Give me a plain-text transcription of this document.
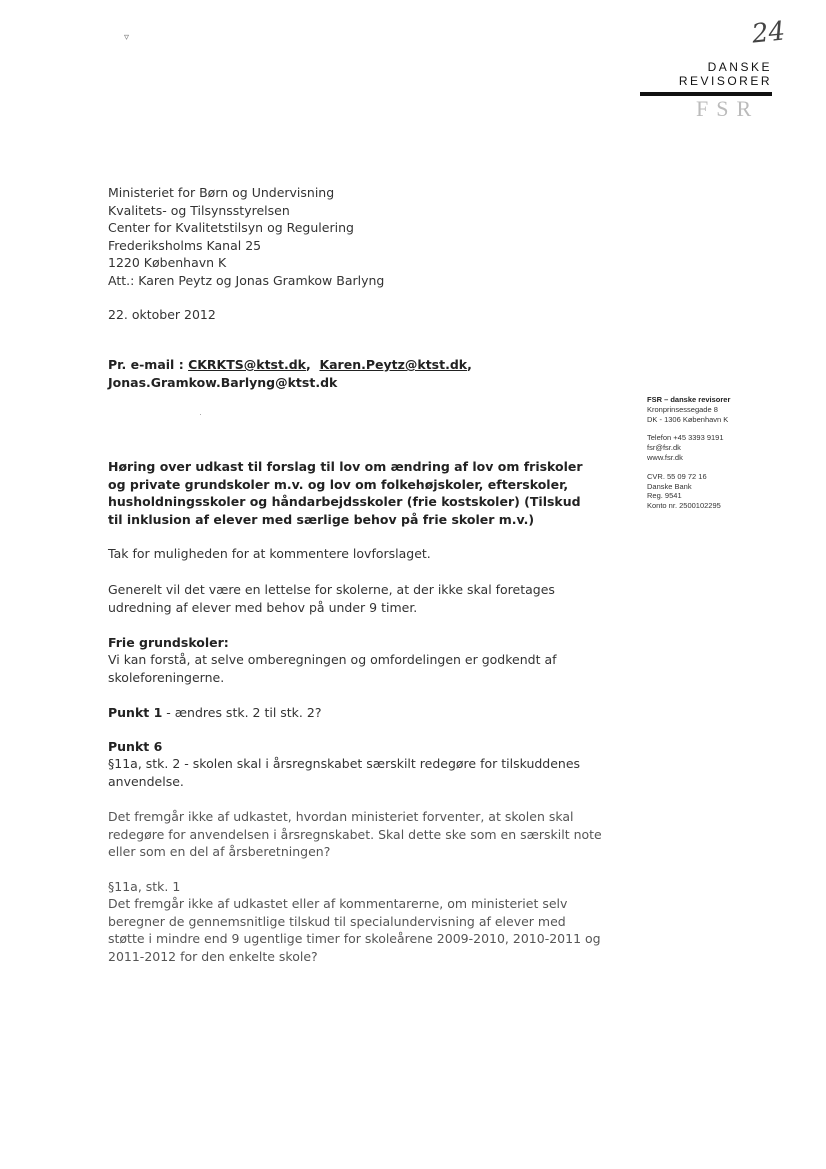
24
▿
DANSKE
REVISORER
FSR
Ministeriet for Børn og Undervisning
Kvalitets- og Tilsynsstyrelsen
Center for Kvalitetstilsyn og Regulering
Frederiksholms Kanal 25
1220 København K
Att.: Karen Peytz og Jonas Gramkow Barlyng
22. oktober 2012
Pr. e-mail : CKRKTS@ktst.dk,  Karen.Peytz@ktst.dk,
Jonas.Gramkow.Barlyng@ktst.dk
FSR – danske revisorer
Kronprinsessegade 8
DK - 1306 København K
Telefon +45 3393 9191
fsr@fsr.dk
www.fsr.dk
CVR. 55 09 72 16
Danske Bank
Reg. 9541
Konto nr. 2500102295
Høring over udkast til forslag til lov om ændring af lov om friskoler og private grundskoler m.v. og lov om folkehøjskoler, efterskoler, husholdningsskoler og håndarbejdsskoler (frie kostskoler) (Tilskud til inklusion af elever med særlige behov på frie skoler m.v.)
Tak for muligheden for at kommentere lovforslaget.
Generelt vil det være en lettelse for skolerne, at der ikke skal foretages udredning af elever med behov på under 9 timer.
Frie grundskoler:
Vi kan forstå, at selve omberegningen og omfordelingen er godkendt af skoleforeningerne.
Punkt 1 - ændres stk. 2 til stk. 2?
Punkt 6
§11a, stk. 2 - skolen skal i årsregnskabet særskilt redegøre for tilskuddenes anvendelse.
Det fremgår ikke af udkastet, hvordan ministeriet forventer, at skolen skal redegøre for anvendelsen i årsregnskabet. Skal dette ske som en særskilt note eller som en del af årsberetningen?
§11a, stk. 1
Det fremgår ikke af udkastet eller af kommentarerne, om ministeriet selv beregner de gennemsnitlige tilskud til specialundervisning af elever med støtte i mindre end 9 ugentlige timer for skoleårene 2009-2010, 2010-2011 og 2011-2012 for den enkelte skole?
